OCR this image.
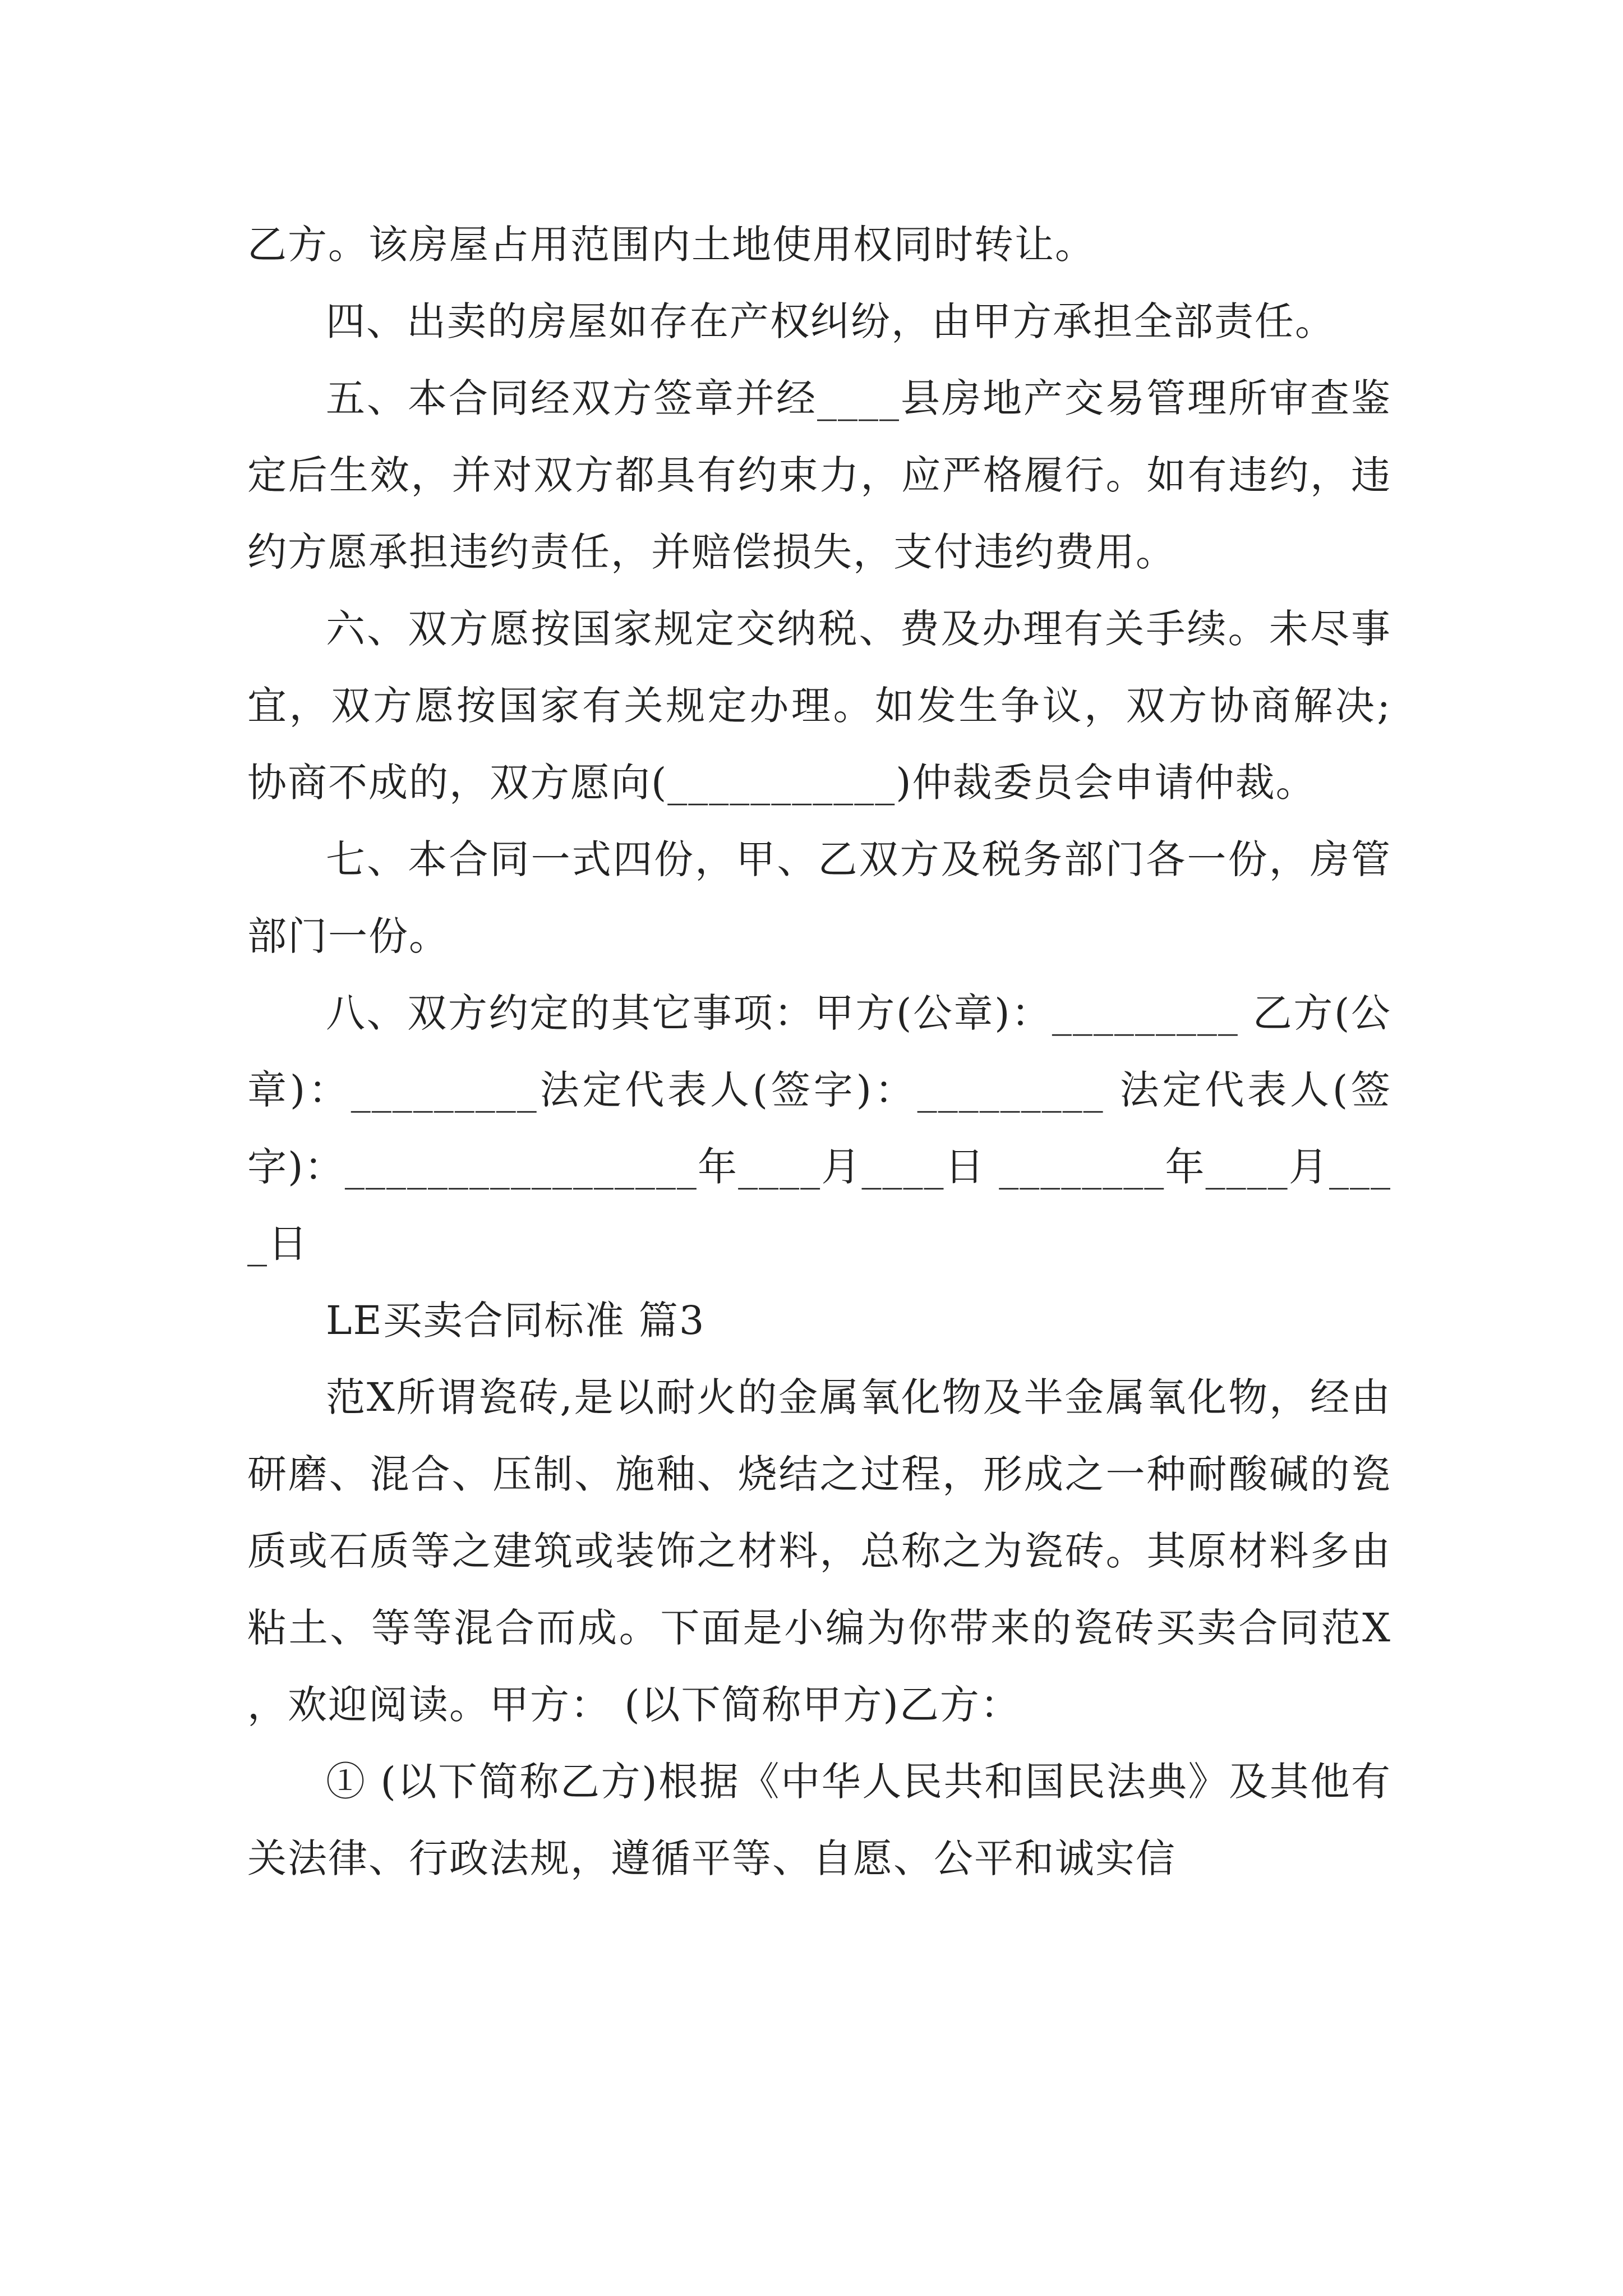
乙方。该房屋占用范围内土地使用权同时转让。

四、出卖的房屋如存在产权纠纷，由甲方承担全部责任。

五、本合同经双方签章并经____县房地产交易管理所审查鉴定后生效，并对双方都具有约束力，应严格履行。如有违约，违约方愿承担违约责任，并赔偿损失，支付违约费用。

六、双方愿按国家规定交纳税、费及办理有关手续。未尽事宜，双方愿按国家有关规定办理。如发生争议，双方协商解决;协商不成的，双方愿向(___________)仲裁委员会申请仲裁。

七、本合同一式四份，甲、乙双方及税务部门各一份，房管部门一份。

八、双方约定的其它事项：甲方(公章)：_________ 乙方(公章)：_________法定代表人(签字)：_________ 法定代表人(签字)：_________________年____月____日 ________年____月____日

LE买卖合同标准 篇3

范X所谓瓷砖,是以耐火的金属氧化物及半金属氧化物，经由研磨、混合、压制、施釉、烧结之过程，形成之一种耐酸碱的瓷质或石质等之建筑或装饰之材料，总称之为瓷砖。其原材料多由粘土、等等混合而成。下面是小编为你带来的瓷砖买卖合同范X ，欢迎阅读。甲方： (以下简称甲方)乙方：

① (以下简称乙方)根据《中华人民共和国民法典》及其他有关法律、行政法规，遵循平等、自愿、公平和诚实信
